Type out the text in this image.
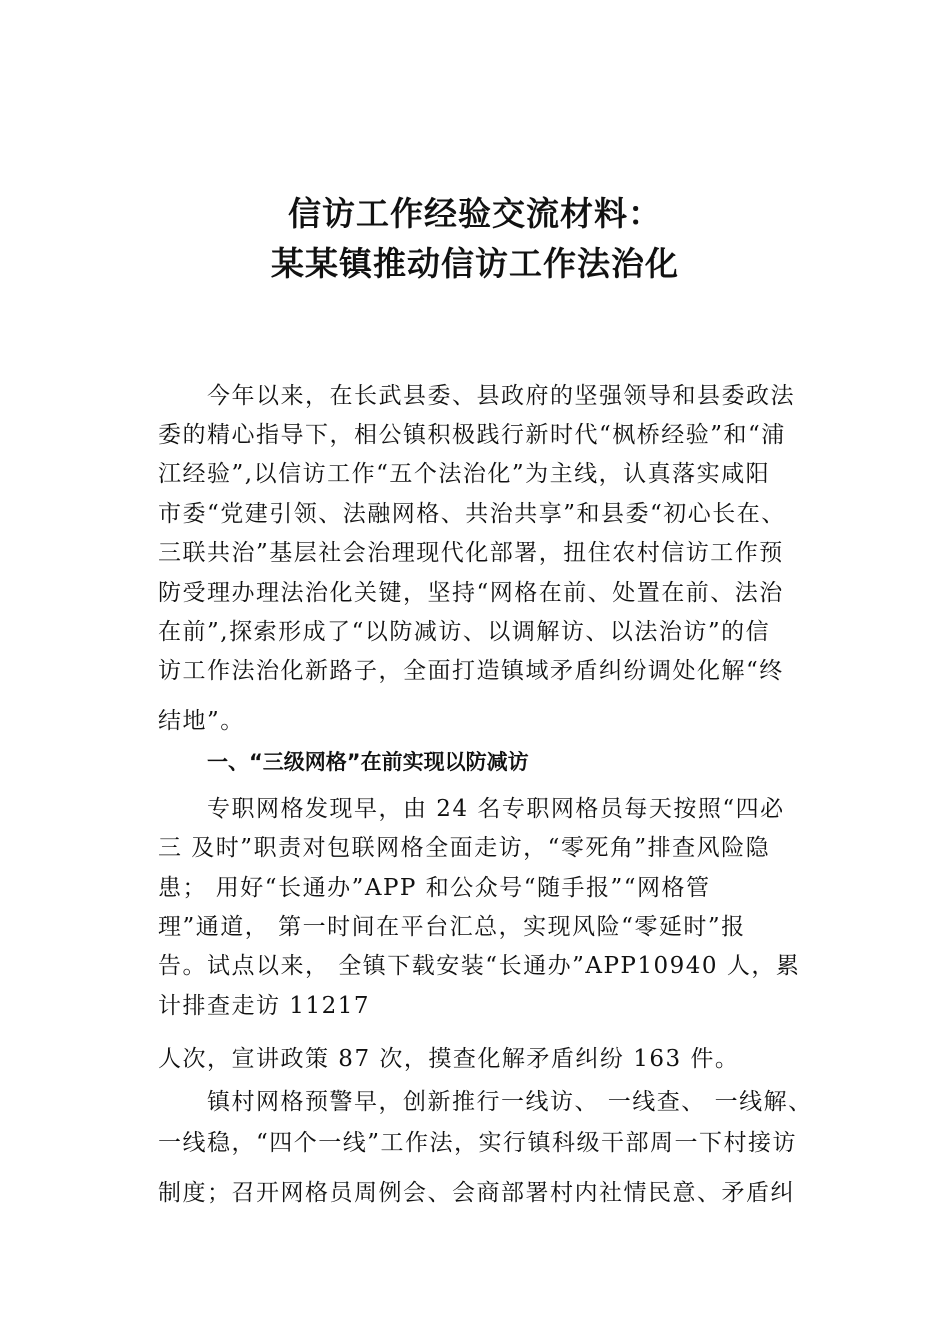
信访工作经验交流材料：
某某镇推动信访工作法治化
今年以来，在长武县委、县政府的坚强领导和县委政法
委的精心指导下，相公镇积极践行新时代“枫桥经验”和“浦
江经验”,以信访工作“五个法治化”为主线，认真落实咸阳
市委“党建引领、法融网格、共治共享”和县委“初心长在、
三联共治”基层社会治理现代化部署，扭住农村信访工作预
防受理办理法治化关键，坚持“网格在前、处置在前、法治
在前”,探索形成了“以防减访、以调解访、以法治访”的信
访工作法治化新路子，全面打造镇域矛盾纠纷调处化解“终
结地”。
一、“三级网格”在前实现以防减访
专职网格发现早，由 24 名专职网格员每天按照“四必
三 及时”职责对包联网格全面走访，“零死角”排查风险隐
患； 用好“长通办”APP 和公众号“随手报”“网格管
理”通道， 第一时间在平台汇总，实现风险“零延时”报
告。试点以来， 全镇下载安装“长通办”APP10940 人，累
计排查走访 11217
人次，宣讲政策 87 次，摸查化解矛盾纠纷 163 件。
镇村网格预警早，创新推行一线访、 一线查、 一线解、
一线稳，“四个一线”工作法，实行镇科级干部周一下村接访
制度；召开网格员周例会、会商部署村内社情民意、矛盾纠
